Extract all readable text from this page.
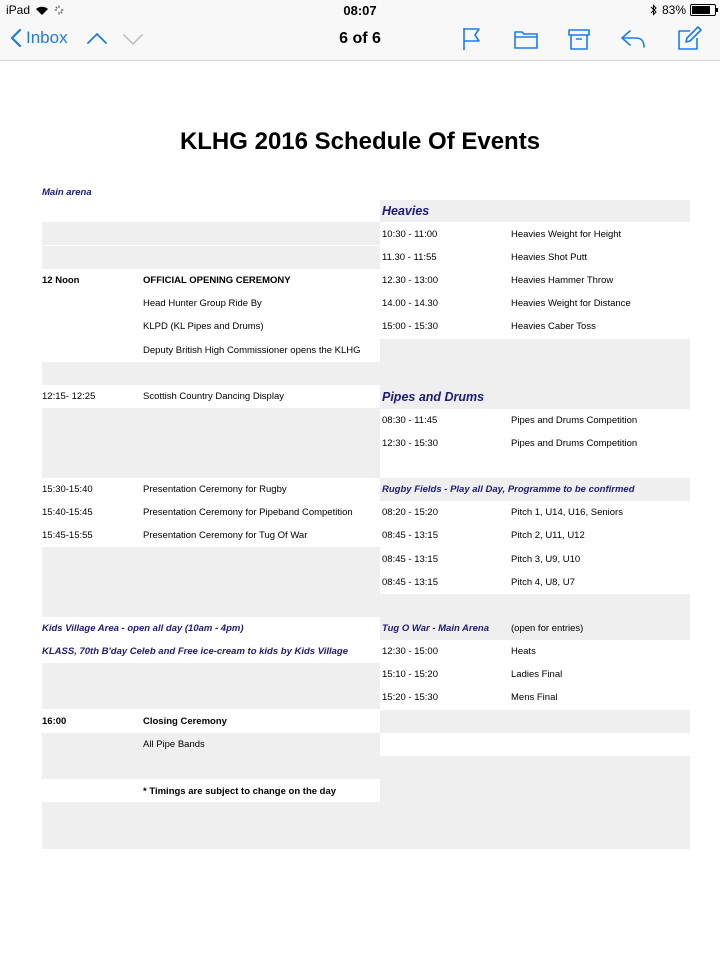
iPad	08:07	83%
Inbox	6 of 6
KLHG 2016 Schedule Of Events
Main arena
12 Noon	OFFICIAL OPENING CEREMONY
Head Hunter Group Ride By
KLPD (KL Pipes and Drums)
Deputy British High Commissioner opens the KLHG
12:15- 12:25	Scottish Country Dancing Display
15:30-15:40	Presentation Ceremony for Rugby
15:40-15:45	Presentation Ceremony for Pipeband Competition
15:45-15:55	Presentation Ceremony for Tug Of War
Kids Village Area - open all day (10am - 4pm)
KLASS, 70th B'day Celeb and Free ice-cream to kids by Kids Village
16:00	Closing Ceremony
All Pipe Bands
* Timings are subject to change on the day
Heavies
10:30 - 11:00	Heavies Weight for Height
11.30 - 11:55	Heavies Shot Putt
12.30 - 13:00	Heavies Hammer Throw
14.00 - 14.30	Heavies Weight for Distance
15:00 - 15:30	Heavies Caber Toss
Pipes and Drums
08:30 - 11:45	Pipes and Drums Competition
12:30 - 15:30	Pipes and Drums Competition
Rugby Fields - Play all Day, Programme to be confirmed
08:20 - 15:20	Pitch 1, U14, U16, Seniors
08:45 - 13:15	Pitch 2, U11, U12
08:45 - 13:15	Pitch 3, U9, U10
08:45 - 13:15	Pitch 4, U8, U7
Tug O War - Main Arena (open for entries)
12:30 - 15:00	Heats
15:10 - 15:20	Ladies Final
15:20 - 15:30	Mens Final
